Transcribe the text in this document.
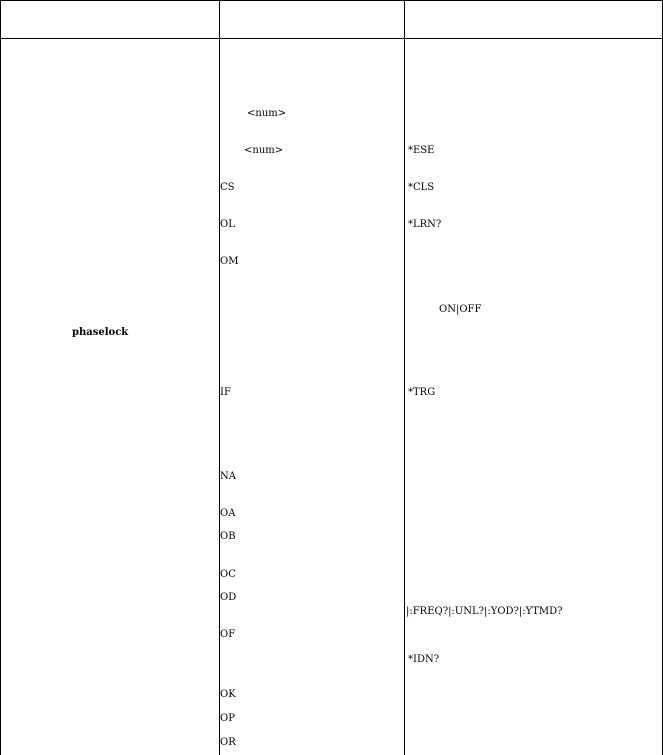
phaselock
<num>
<num>
CS
OL
OM
IF
NA
OA
OB
OC
OD
OF
OK
OP
OR
*ESE
*CLS
*LRN?
ON|OFF
*TRG
|:FREQ?|:UNL?|:YOD?|:YTMD?
*IDN?
